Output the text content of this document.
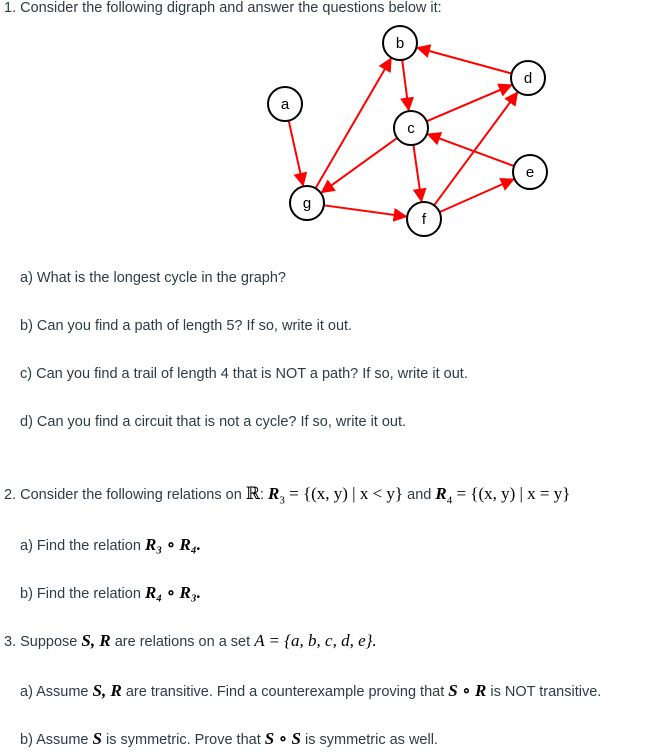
1. Consider the following digraph and answer the questions below it:
a
b
c
d
e
f
g
a) What is the longest cycle in the graph?
b) Can you find a path of length 5? If so, write it out.
c) Can you find a trail of length 4 that is NOT a path? If so, write it out.
d) Can you find a circuit that is not a cycle? If so, write it out.
2. Consider the following relations on ℝ: $R_3 = \{(x$, y) | x < y} and $R_4 = \{(x$, y) | x = y}
a) Find the relation R₃ ∘ R₄.
b) Find the relation R₄ ∘ R₃.
3. Suppose S, R are relations on a set A = {a, b, c, d, e}.
a) Assume S, R are transitive. Find a counterexample proving that S ∘ R is NOT transitive.
b) Assume S is symmetric. Prove that S ∘ S is symmetric as well.
